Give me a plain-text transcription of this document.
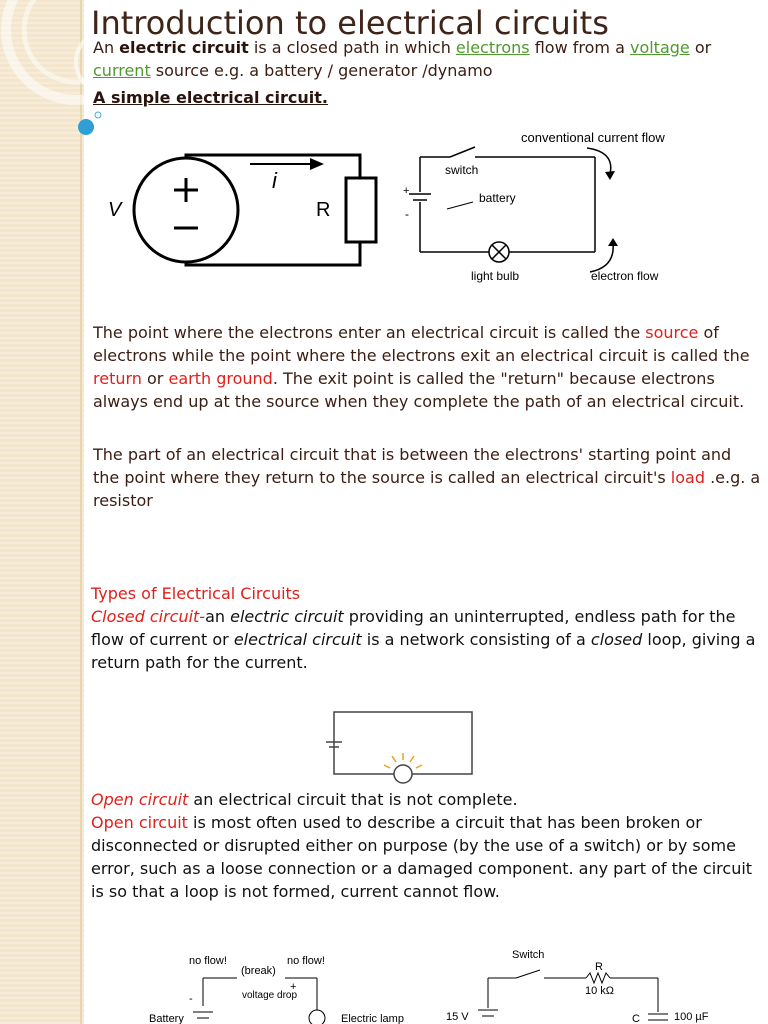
Introduction to electrical circuits
An electric circuit is a closed path in which electrons flow from a voltage or current source e.g. a battery / generator /dynamo
A simple electrical circuit.
V
i
R
conventional current flow
switch
battery
+
-
light bulb	electron flow
The point where the electrons enter an electrical circuit is called the source of electrons while the point where the electrons exit an electrical circuit is called the return or earth ground. The exit point is called the "return" because electrons always end up at the source when they complete the path of an electrical circuit.
The part of an electrical circuit that is between the electrons' starting point and the point where they return to the source is called an electrical circuit's load .e.g. a resistor
Types of Electrical Circuits
Closed circuit-an electric circuit providing an uninterrupted, endless path for the flow of current or electrical circuit is a network consisting of a closed loop, giving a return path for the current.
Open circuit an electrical circuit that is not complete.
Open circuit is most often used to describe a circuit that has been broken or disconnected or disrupted either on purpose (by the use of a switch) or by some error, such as a loose connection or a damaged component. any part of the circuit is so that a loop is not formed, current cannot flow.
no flow!	no flow!
(break)
voltage drop
Battery	Electric lamp
-
+
Switch
R
10 kΩ
15 V	C	100 µF
